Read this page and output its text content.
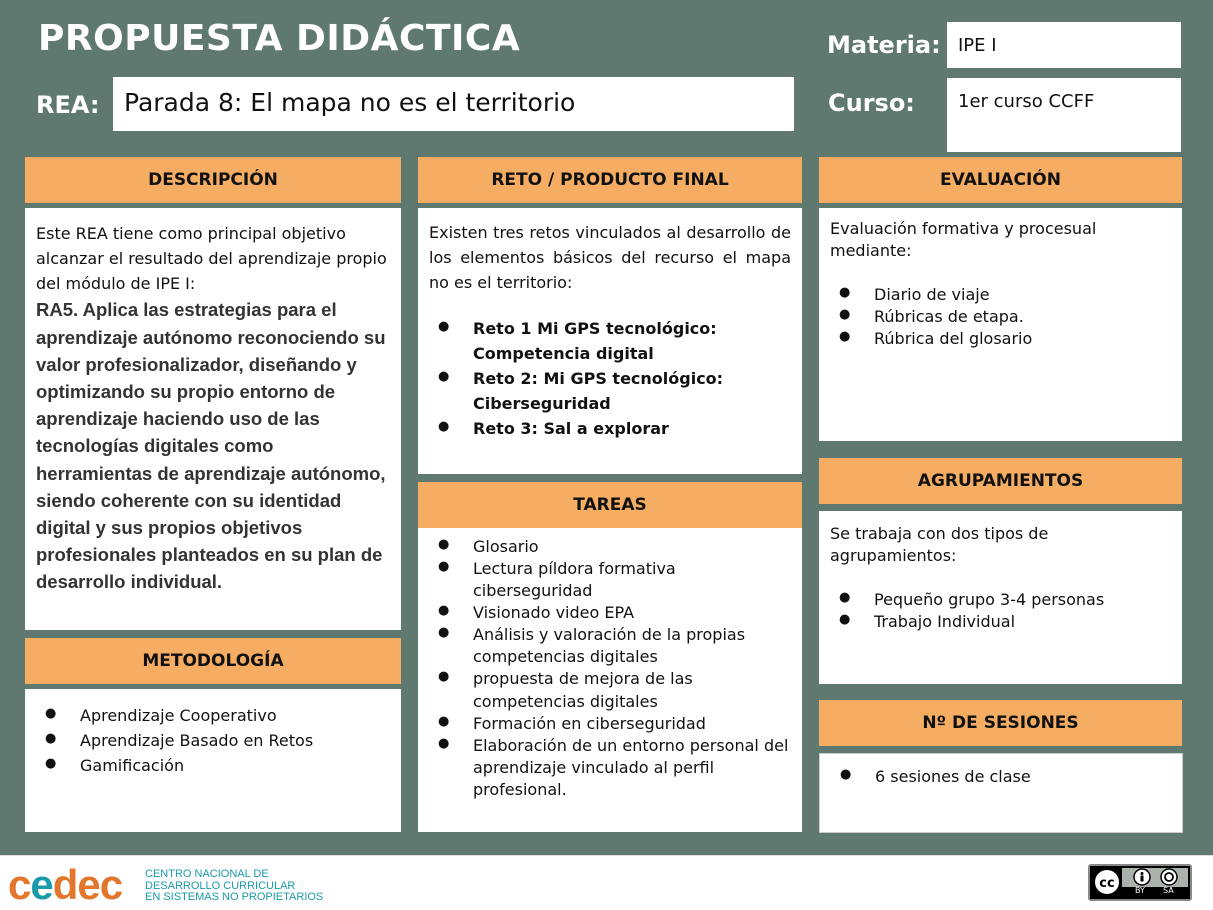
PROPUESTA DIDÁCTICA	Materia: IPE I
REA: Parada 8: El mapa no es el territorio	Curso:	1er curso CCFF
DESCRIPCIÓN

Este REA tiene como principal objetivo alcanzar el resultado del aprendizaje propio del módulo de IPE I:

RA5. Aplica las estrategias para el aprendizaje autónomo reconociendo su valor profesionalizador, diseñando y optimizando su propio entorno de aprendizaje haciendo uso de las tecnologías digitales como herramientas de aprendizaje autónomo, siendo coherente con su identidad digital y sus propios objetivos profesionales planteados en su plan de desarrollo individual.

METODOLOGÍA
● Aprendizaje Cooperativo
● Aprendizaje Basado en Retos
● Gamificación
RETO / PRODUCTO FINAL

Existen tres retos vinculados al desarrollo de los elementos básicos del recurso el mapa no es el territorio:

● Reto 1 Mi GPS tecnológico: Competencia digital
● Reto 2: Mi GPS tecnológico: Ciberseguridad
● Reto 3: Sal a explorar
TAREAS
● Glosario
● Lectura píldora formativa ciberseguridad
● Visionado video EPA
● Análisis y valoración de la propias competencias digitales
● propuesta de mejora de las competencias digitales
● Formación en ciberseguridad
● Elaboración de un entorno personal del aprendizaje vinculado al perfil profesional.
EVALUACIÓN

Evaluación formativa y procesual mediante:

● Diario de viaje
● Rúbricas de etapa.
● Rúbrica del glosario
AGRUPAMIENTOS

Se trabaja con dos tipos de agrupamientos:

● Pequeño grupo 3-4 personas
● Trabajo Individual
Nº DE SESIONES
● 6 sesiones de clase
cedec CENTRO NACIONAL DE
DESARROLLO CURRICULAR
EN SISTEMAS NO PROPIETARIOS
cc	BY SA
